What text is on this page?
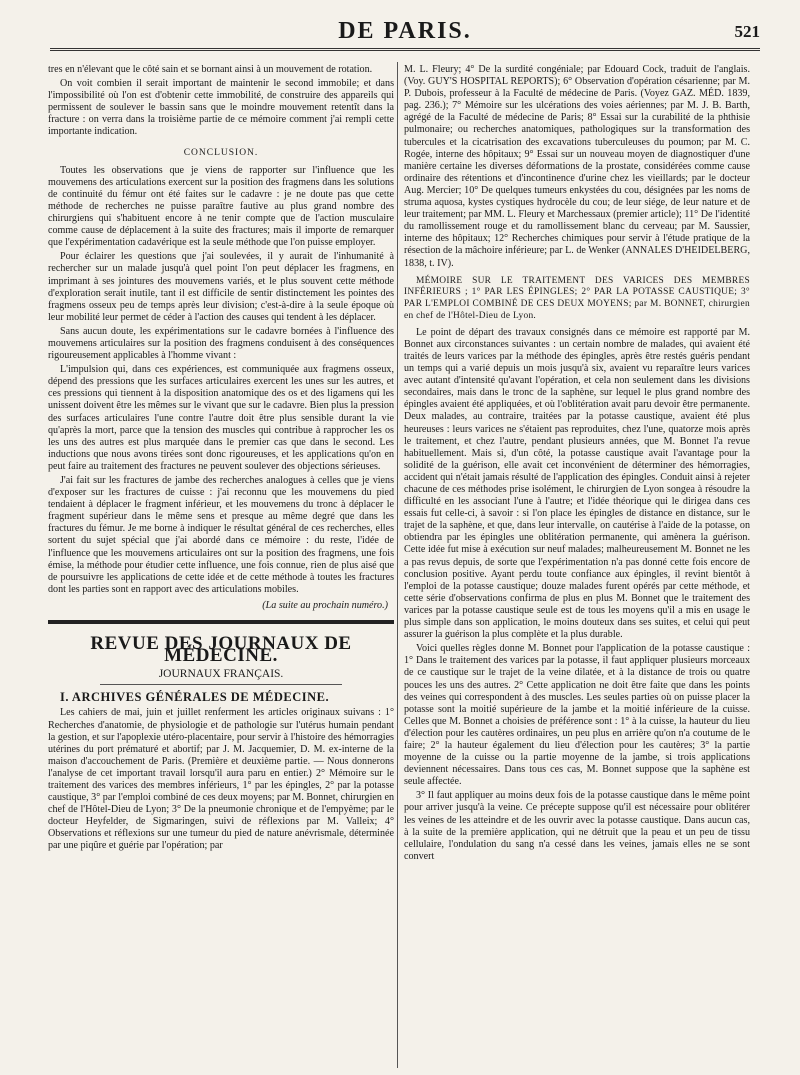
DE PARIS.	521

tres en n'élevant que le côté sain et se bornant ainsi à un mouvement de rotation.

On voit combien il serait important de maintenir le second immobile; et dans l'impossibilité où l'on est d'obtenir cette immobilité, de construire des appareils qui permissent de soulever le bassin sans que le moindre mouvement retentît dans la fracture : on verra dans la troisième partie de ce mémoire comment j'ai rempli cette importante indication.

CONCLUSION.

Toutes les observations que je viens de rapporter sur l'influence que les mouvemens des articulations exercent sur la position des fragmens dans les solutions de continuité du fémur ont été faites sur le cadavre : je ne doute pas que cette méthode de recherches ne puisse paraître fautive au plus grand nombre des chirurgiens qui s'habituent encore à ne tenir compte que de l'action musculaire comme cause de déplacement à la suite des fractures; mais il importe de remarquer que l'expérimentation cadavérique est la seule méthode que l'on puisse employer.

Pour éclairer les questions que j'ai soulevées, il y aurait de l'inhumanité à rechercher sur un malade jusqu'à quel point l'on peut déplacer les fragmens, en imprimant à ses jointures des mouvemens variés, et le plus souvent cette méthode d'exploration serait inutile, tant il est difficile de sentir distinctement les pointes des fragmens osseux peu de temps après leur division; c'est-à-dire à la seule époque où leur mobilité leur permet de céder à l'action des causes qui tendent à les déplacer.

Sans aucun doute, les expérimentations sur le cadavre bornées à l'influence des mouvemens articulaires sur la position des fragmens conduisent à des conséquences rigoureusement applicables à l'homme vivant :

L'impulsion qui, dans ces expériences, est communiquée aux fragmens osseux, dépend des pressions que les surfaces articulaires exercent les unes sur les autres, et ces pressions qui tiennent à la disposition anatomique des os et des ligamens qui les unissent doivent être les mêmes sur le vivant que sur le cadavre. Bien plus la pression des surfaces articulaires l'une contre l'autre doit être plus sensible durant la vie qu'après la mort, parce que la tension des muscles qui contribue à rapprocher les os les uns des autres est plus marquée dans le premier cas que dans le second. Les inductions que nous avons tirées sont donc rigoureuses, et les applications qu'on en peut faire au traitement des fractures ne peuvent soulever des objections sérieuses.

J'ai fait sur les fractures de jambe des recherches analogues à celles que je viens d'exposer sur les fractures de cuisse : j'ai reconnu que les mouvemens du pied tendaient à déplacer le fragment inférieur, et les mouvemens du tronc à déplacer le fragment supérieur dans le même sens et presque au même degré que dans les fractures du fémur. Je me borne à indiquer le résultat général de ces recherches, elles sortent du sujet spécial que j'ai abordé dans ce mémoire : du reste, l'idée de l'influence que les mouvemens articulaires ont sur la position des fragmens, une fois émise, la méthode pour étudier cette influence, une fois connue, rien de plus aisé que de poursuivre les applications de cette idée et de cette méthode à toutes les fractures dont les parties sont en rapport avec des articulations mobiles.

(La suite au prochain numéro.)
REVUE DES JOURNAUX DE MÉDECINE.
JOURNAUX FRANÇAIS.
I. ARCHIVES GÉNÉRALES DE MÉDECINE.

Les cahiers de mai, juin et juillet renferment les articles originaux suivans : 1° Recherches d'anatomie, de physiologie et de pathologie sur l'utérus humain pendant la gestion, et sur l'apoplexie utéro-placentaire, pour servir à l'histoire des hémorragies utérines du port prématuré et abortif; par J. M. Jacquemier, D. M. ex-interne de la maison d'accouchement de Paris. (Première et deuxième partie. — Nous donnerons l'analyse de cet important travail lorsqu'il aura paru en entier.) 2° Mémoire sur le traitement des varices des membres inférieurs, 1° par les épingles, 2° par la potasse caustique, 3° par l'emploi combiné de ces deux moyens; par M. Bonnet, chirurgien en chef de l'Hôtel-Dieu de Lyon; 3° De la pneumonie chronique et de l'empyème; par le docteur Heyfelder, de Sigmaringen, suivi de réflexions par M. Valleix; 4° Observations et réflexions sur une tumeur du pied de nature anévrismale, déterminée par une piqûre et guérie par l'opération; par

M. L. Fleury; 4° De la surdité congéniale; par Edouard Cock, traduit de l'anglais. (Voy. GUY'S HOSPITAL REPORTS); 6° Observation d'opération césarienne; par M. P. Dubois, professeur à la Faculté de médecine de Paris. (Voyez GAZ. MÉD. 1839, pag. 236.); 7° Mémoire sur les ulcérations des voies aériennes; par M. J. B. Barth, agrégé de la Faculté de médecine de Paris; 8° Essai sur la curabilité de la phthisie pulmonaire; ou recherches anatomiques, pathologiques sur la transformation des tubercules et la cicatrisation des excavations tuberculeuses du poumon; par M. C. Rogée, interne des hôpitaux; 9° Essai sur un nouveau moyen de diagnostiquer d'une manière certaine les diverses déformations de la prostate, considérées comme cause ordinaire des rétentions et d'incontinence d'urine chez les vieillards; par le docteur Aug. Mercier; 10° De quelques tumeurs enkystées du cou, désignées par les noms de struma aquosa, kystes cystiques hydrocèle du cou; de leur siége, de leur nature et de leur traitement; par MM. L. Fleury et Marchessaux (premier article); 11° De l'identité du ramollissement rouge et du ramollissement blanc du cerveau; par M. Saussier, interne des hôpitaux; 12° Recherches chimiques pour servir à l'étude pratique de la résection de la mâchoire inférieure; par L. de Wenker (ANNALES D'HEIDELBERG, 1838, t. IV).

MÉMOIRE SUR LE TRAITEMENT DES VARICES DES MEMBRES INFÉRIEURS ; 1° PAR LES ÉPINGLES; 2° PAR LA POTASSE CAUSTIQUE; 3° PAR L'EMPLOI COMBINÉ DE CES DEUX MOYENS; par M. BONNET, chirurgien en chef de l'Hôtel-Dieu de Lyon.

Le point de départ des travaux consignés dans ce mémoire est rapporté par M. Bonnet aux circonstances suivantes : un certain nombre de malades, qui avaient été traités de leurs varices par la méthode des épingles, après être restés guéris pendant un temps qui a varié depuis un mois jusqu'à six, avaient vu reparaître leurs varices avec autant d'intensité qu'avant l'opération, et cela non seulement dans les divisions secondaires, mais dans le tronc de la saphène, sur lequel le plus grand nombre des épingles avaient été appliquées, et où l'oblitération avait paru devoir être permanente. Deux malades, au contraire, traitées par la potasse caustique, avaient été plus heureuses : leurs varices ne s'étaient pas reproduites, chez l'une, quatorze mois après le traitement, et chez l'autre, pendant plusieurs années, que M. Bonnet l'a revue habituellement. Mais si, d'un côté, la potasse caustique avait l'avantage pour la solidité de la guérison, elle avait cet inconvénient de déterminer des hémorragies, accident qui n'était jamais résulté de l'application des épingles. Conduit ainsi à rejeter chacune de ces méthodes prise isolément, le chirurgien de Lyon songea à résoudre la difficulté en les associant l'une à l'autre; et l'idée théorique qui le dirigea dans ces essais fut celle-ci, à savoir : si l'on place les épingles de distance en distance, sur le trajet de la saphène, et que, dans leur intervalle, on cautérise à l'aide de la potasse, on obtiendra par les épingles une oblitération permanente, qui amènera la guérison. Cette idée fut mise à exécution sur neuf malades; malheureusement M. Bonnet ne les a pas revus depuis, de sorte que l'expérimentation n'a pas donné cette fois encore de conclusion positive. Ayant perdu toute confiance aux épingles, il revint bientôt à l'emploi de la potasse caustique; douze malades furent opérés par cette méthode, et cette série d'observations confirma de plus en plus M. Bonnet que le traitement des varices par la potasse caustique seule est de tous les moyens qu'il a mis en usage le plus simple dans son application, le moins douteux dans ses suites, et celui qui peut assurer la guérison la plus complète et la plus durable.

Voici quelles règles donne M. Bonnet pour l'application de la potasse caustique : 1° Dans le traitement des varices par la potasse, il faut appliquer plusieurs morceaux de ce caustique sur le trajet de la veine dilatée, et à la distance de trois ou quatre pouces les uns des autres. 2° Cette application ne doit être faite que dans les points des veines qui correspondent à des muscles. Les seules parties où on puisse placer la potasse sont la moitié supérieure de la jambe et la moitié inférieure de la cuisse. Celles que M. Bonnet a choisies de préférence sont : 1° à la cuisse, la hauteur du lieu d'élection pour les cautères ordinaires, un peu plus en arrière qu'on n'a coutume de le faire; 2° la hauteur également du lieu d'élection pour les cautères; 3° la partie moyenne de la cuisse ou la partie moyenne de la jambe, si trois applications deviennent nécessaires. Dans tous ces cas, M. Bonnet suppose que la saphène est seule affectée.

3° Il faut appliquer au moins deux fois de la potasse caustique dans le même point pour arriver jusqu'à la veine. Ce précepte suppose qu'il est nécessaire pour oblitérer les veines de les atteindre et de les ouvrir avec la potasse caustique. Dans aucun cas, à la suite de la première application, qui ne détruit que la peau et un peu de tissu cellulaire, l'ondulation du sang n'a cessé dans les veines, jamais elles ne se sont convert
